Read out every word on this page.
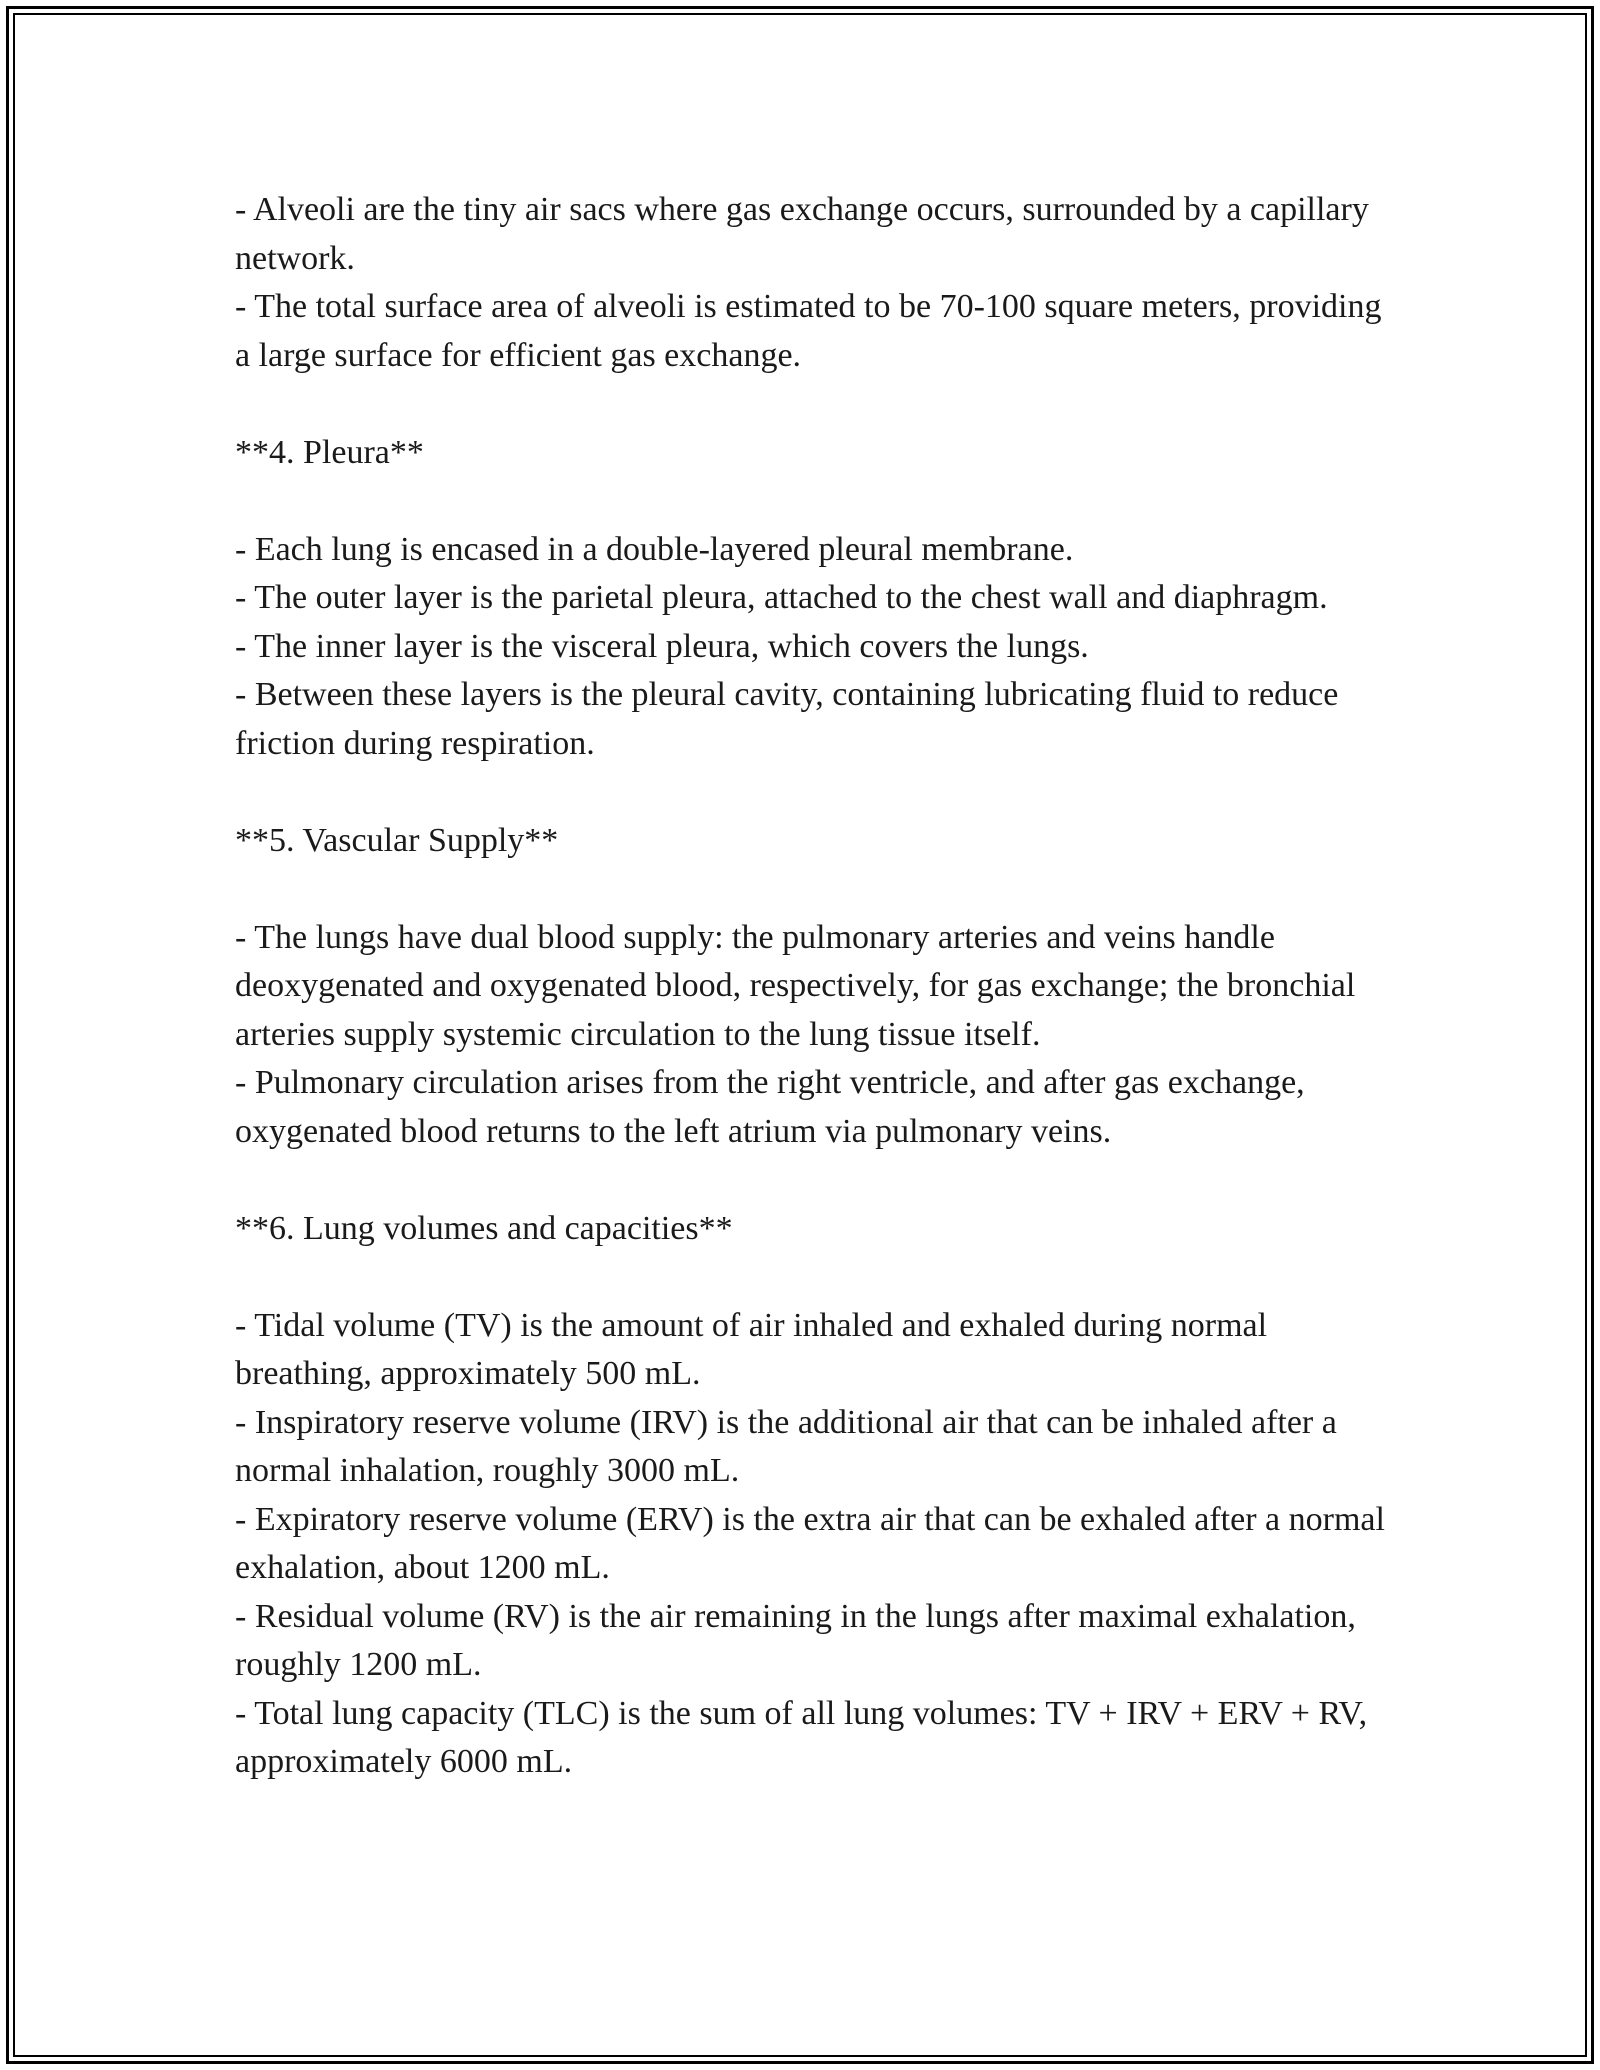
- Alveoli are the tiny air sacs where gas exchange occurs, surrounded by a capillary network.

- The total surface area of alveoli is estimated to be 70-100 square meters, providing a large surface for efficient gas exchange.

**4. Pleura**

- Each lung is encased in a double-layered pleural membrane.

- The outer layer is the parietal pleura, attached to the chest wall and diaphragm.

- The inner layer is the visceral pleura, which covers the lungs.

- Between these layers is the pleural cavity, containing lubricating fluid to reduce friction during respiration.

**5. Vascular Supply**

- The lungs have dual blood supply: the pulmonary arteries and veins handle deoxygenated and oxygenated blood, respectively, for gas exchange; the bronchial arteries supply systemic circulation to the lung tissue itself.

- Pulmonary circulation arises from the right ventricle, and after gas exchange, oxygenated blood returns to the left atrium via pulmonary veins.

**6. Lung volumes and capacities**

- Tidal volume (TV) is the amount of air inhaled and exhaled during normal breathing, approximately 500 mL.

- Inspiratory reserve volume (IRV) is the additional air that can be inhaled after a normal inhalation, roughly 3000 mL.

- Expiratory reserve volume (ERV) is the extra air that can be exhaled after a normal exhalation, about 1200 mL.

- Residual volume (RV) is the air remaining in the lungs after maximal exhalation, roughly 1200 mL.

- Total lung capacity (TLC) is the sum of all lung volumes: TV + IRV + ERV + RV, approximately 6000 mL.
